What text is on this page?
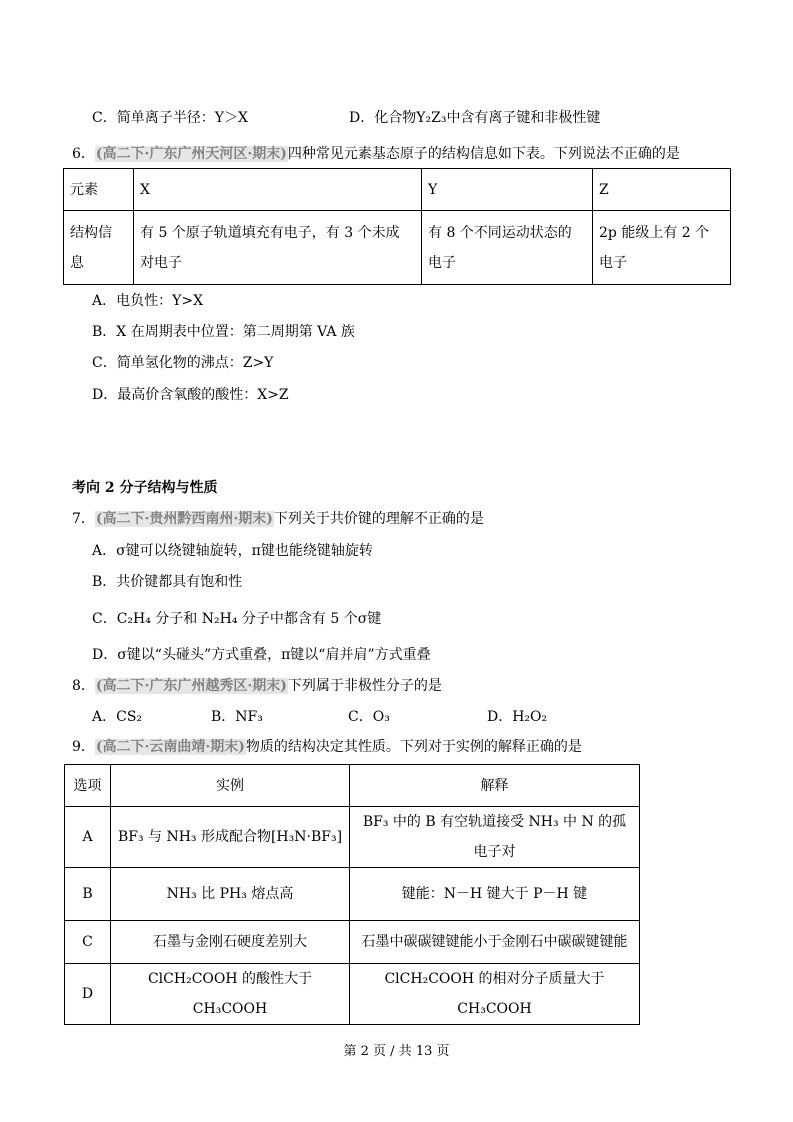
C．简单离子半径：Y＞X	D．化合物Y₂Z₃中含有离子键和非极性键
6．(高二下·广东广州天河区·期末)四种常见元素基态原子的结构信息如下表。下列说法不正确的是
元素	X	Y	Z

结构信息	有 5 个原子轨道填充有电子，有 3 个未成对电子	有 8 个不同运动状态的电子	2p 能级上有 2 个电子
A．电负性：Y>X
B．X 在周期表中位置：第二周期第 VA 族
C．简单氢化物的沸点：Z>Y
D．最高价含氧酸的酸性：X>Z
考向 2 分子结构与性质
7．(高二下·贵州黔西南州·期末)下列关于共价键的理解不正确的是
A．σ键可以绕键轴旋转，π键也能绕键轴旋转
B．共价键都具有饱和性
C．C₂H₄ 分子和 N₂H₄ 分子中都含有 5 个σ键
D．σ键以“头碰头”方式重叠，π键以“肩并肩”方式重叠
8．(高二下·广东广州越秀区·期末)下列属于非极性分子的是
A．CS₂	B．NF₃	C．O₃	D．H₂O₂
9．(高二下·云南曲靖·期末)物质的结构决定其性质。下列对于实例的解释正确的是
选项	实例	解释
A	BF₃ 与 NH₃ 形成配合物[H₃N·BF₃]	BF₃ 中的 B 有空轨道接受 NH₃ 中 N 的孤电子对
B	NH₃ 比 PH₃ 熔点高	键能：N－H 键大于 P－H 键
C	石墨与金刚石硬度差别大	石墨中碳碳键键能小于金刚石中碳碳键键能
D	ClCH₂COOH 的酸性大于 CH₃COOH	ClCH₂COOH 的相对分子质量大于 CH₃COOH
第 2 页 / 共 13 页
